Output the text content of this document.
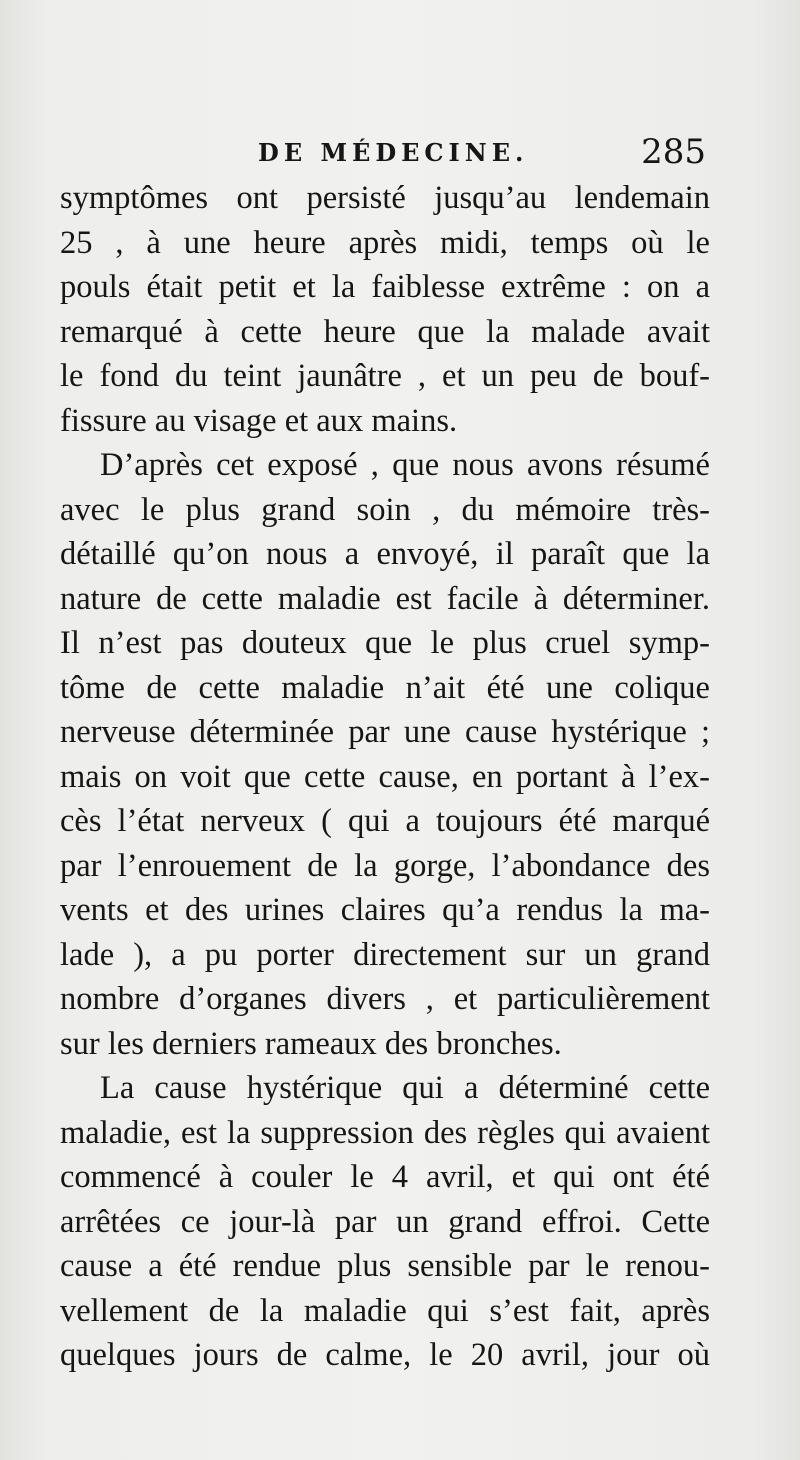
DE MÉDECINE.	285
symptômes ont persisté jusqu’au lendemain
25 , à une heure après midi, temps où le
pouls était petit et la faiblesse extrême : on a
remarqué à cette heure que la malade avait
le fond du teint jaunâtre , et un peu de bouf-
fissure au visage et aux mains.
D’après cet exposé , que nous avons résumé
avec le plus grand soin , du mémoire très-
détaillé qu’on nous a envoyé, il paraît que la
nature de cette maladie est facile à déterminer.
Il n’est pas douteux que le plus cruel symp-
tôme de cette maladie n’ait été une colique
nerveuse déterminée par une cause hystérique ;
mais on voit que cette cause, en portant à l’ex-
cès l’état nerveux ( qui a toujours été marqué
par l’enrouement de la gorge, l’abondance des
vents et des urines claires qu’a rendus la ma-
lade ), a pu porter directement sur un grand
nombre d’organes divers , et particulièrement
sur les derniers rameaux des bronches.
La cause hystérique qui a déterminé cette
maladie, est la suppression des règles qui avaient
commencé à couler le 4 avril, et qui ont été
arrêtées ce jour-là par un grand effroi. Cette
cause a été rendue plus sensible par le renou-
vellement de la maladie qui s’est fait, après
quelques jours de calme, le 20 avril, jour où
